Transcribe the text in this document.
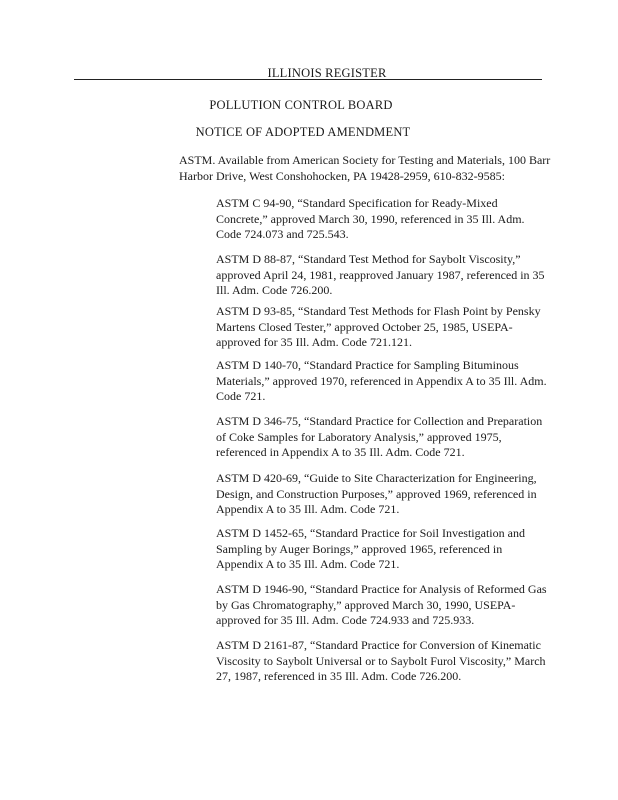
ILLINOIS REGISTER
POLLUTION CONTROL BOARD
NOTICE OF ADOPTED AMENDMENT
ASTM. Available from American Society for Testing and Materials, 100 Barr Harbor Drive, West Conshohocken, PA 19428-2959, 610-832-9585:
ASTM C 94-90, “Standard Specification for Ready-Mixed Concrete,” approved March 30, 1990, referenced in 35 Ill. Adm. Code 724.073 and 725.543.
ASTM D 88-87, “Standard Test Method for Saybolt Viscosity,” approved April 24, 1981, reapproved January 1987, referenced in 35 Ill. Adm. Code 726.200.
ASTM D 93-85, “Standard Test Methods for Flash Point by Pensky Martens Closed Tester,” approved October 25, 1985, USEPA-approved for 35 Ill. Adm. Code 721.121.
ASTM D 140-70, “Standard Practice for Sampling Bituminous Materials,” approved 1970, referenced in Appendix A to 35 Ill. Adm. Code 721.
ASTM D 346-75, “Standard Practice for Collection and Preparation of Coke Samples for Laboratory Analysis,” approved 1975, referenced in Appendix A to 35 Ill. Adm. Code 721.
ASTM D 420-69, “Guide to Site Characterization for Engineering, Design, and Construction Purposes,” approved 1969, referenced in Appendix A to 35 Ill. Adm. Code 721.
ASTM D 1452-65, “Standard Practice for Soil Investigation and Sampling by Auger Borings,” approved 1965, referenced in Appendix A to 35 Ill. Adm. Code 721.
ASTM D 1946-90, “Standard Practice for Analysis of Reformed Gas by Gas Chromatography,” approved March 30, 1990, USEPA-approved for 35 Ill. Adm. Code 724.933 and 725.933.
ASTM D 2161-87, “Standard Practice for Conversion of Kinematic Viscosity to Saybolt Universal or to Saybolt Furol Viscosity,” March 27, 1987, referenced in 35 Ill. Adm. Code 726.200.
